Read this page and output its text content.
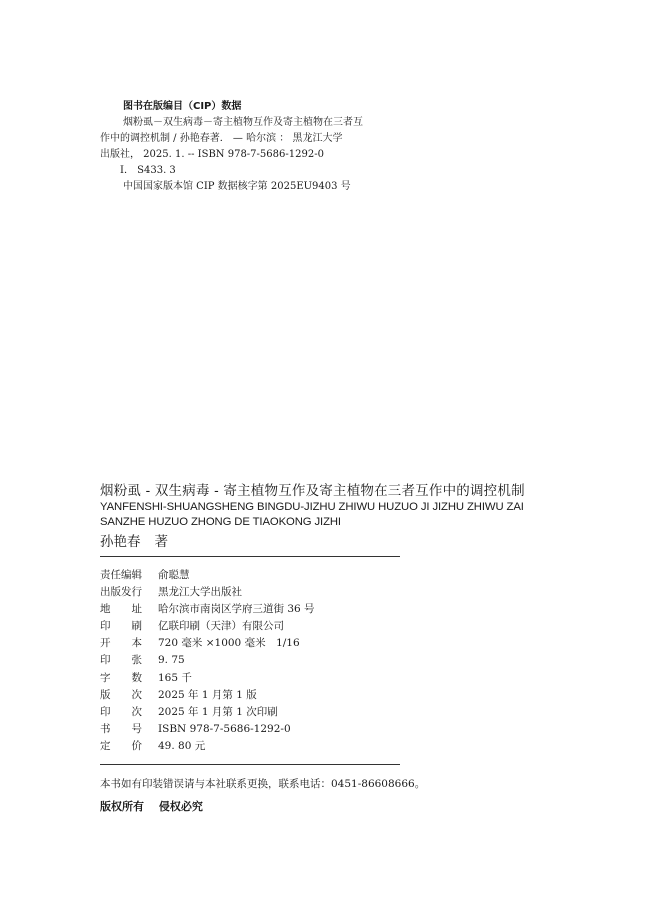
图书在版编目（CIP）数据
烟粉虱－双生病毒－寄主植物互作及寄主植物在三者互
作中的调控机制 / 孙艳春著． — 哈尔滨 ： 黑龙江大学
出版社， 2025. 1. -- ISBN 978-7-5686-1292-0
Ⅰ． S433. 3
中国国家版本馆 CIP 数据核字第 2025EU9403 号
烟粉虱 - 双生病毒 - 寄主植物互作及寄主植物在三者互作中的调控机制
YANFENSHI-SHUANGSHENG BINGDU-JIZHU ZHIWU HUZUO JI JIZHU ZHIWU ZAI SANZHE HUZUO ZHONG DE TIAOKONG JIZHI
孙艳春 著
责任编辑	俞聪慧
出版发行	黑龙江大学出版社
地　　址	哈尔滨市南岗区学府三道街 36 号
印　　刷	亿联印刷（天津）有限公司
开　　本	720 毫米 ×1000 毫米　1/16
印　　张	9. 75
字　　数	165 千
版　　次	2025 年 1 月第 1 版
印　　次	2025 年 1 月第 1 次印刷
书　　号	ISBN 978-7-5686-1292-0
定　　价	49. 80 元
本书如有印装错误请与本社联系更换，联系电话：0451-86608666。
版权所有　 侵权必究
